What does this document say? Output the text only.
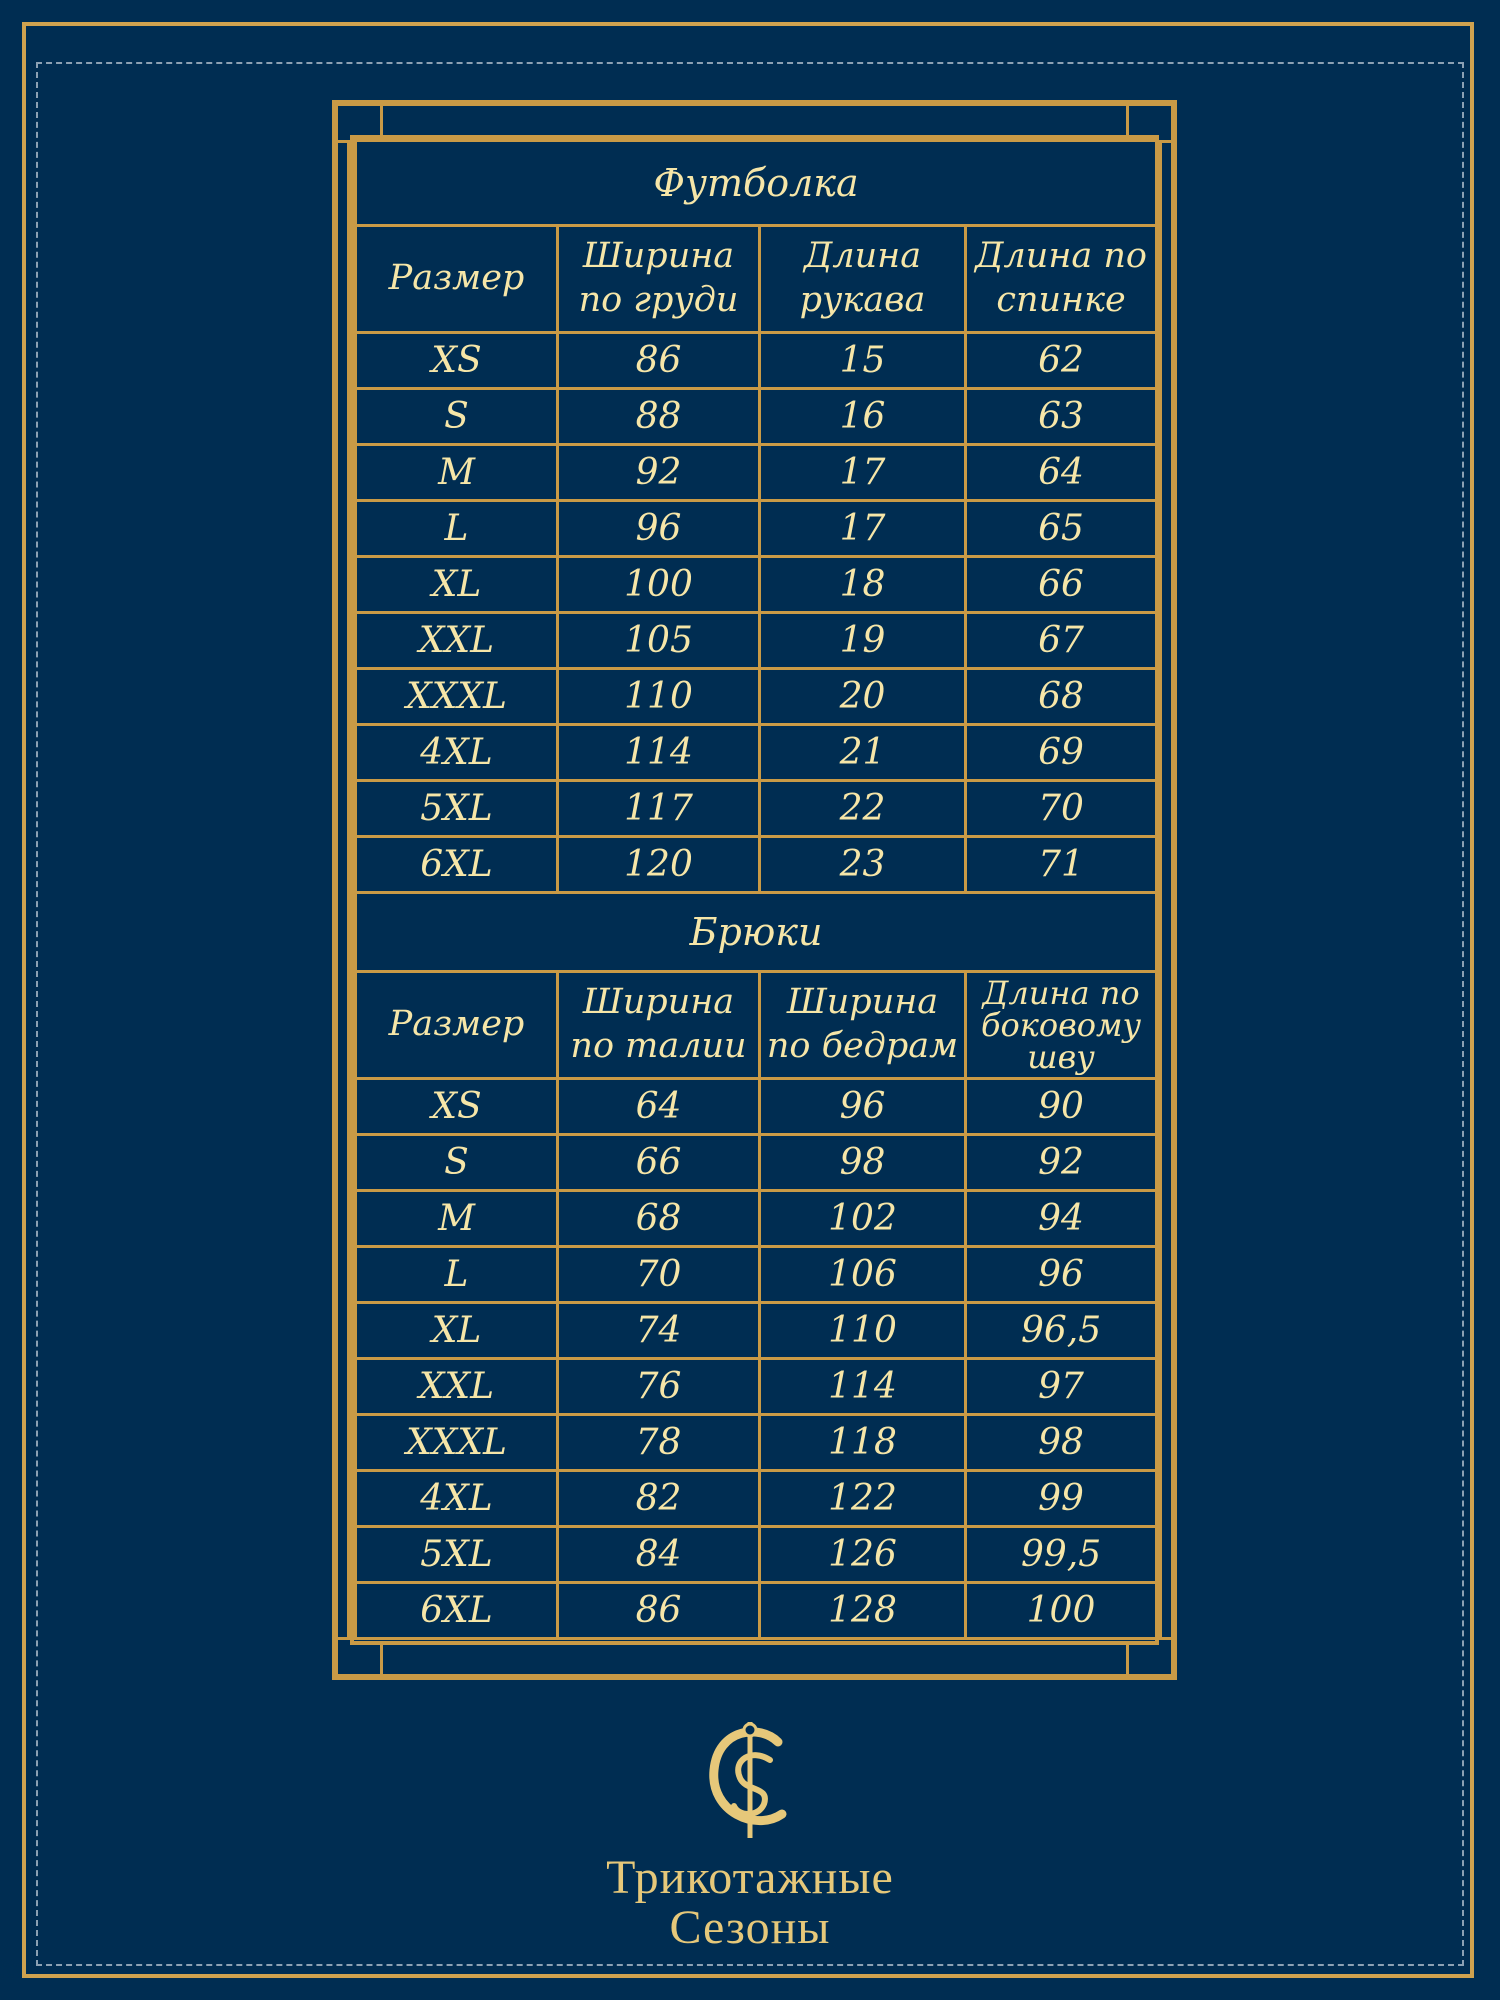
Футболка			
Размер	Ширина по груди	Длина рукава	Длина по спинке
XS	86	15	62
S	88	16	63
M	92	17	64
L	96	17	65
XL	100	18	66
XXL	105	19	67
XXXL	110	20	68
4XL	114	21	69
5XL	117	22	70
6XL	120	23	71
Брюки			
Размер	Ширина по талии	Ширина по бедрам	Длина по боковому шву
XS	64	96	90
S	66	98	92
M	68	102	94
L	70	106	96
XL	74	110	96,5
XXL	76	114	97
XXXL	78	118	98
4XL	82	122	99
5XL	84	126	99,5
6XL	86	128	100
Трикотажные
Сезоны
